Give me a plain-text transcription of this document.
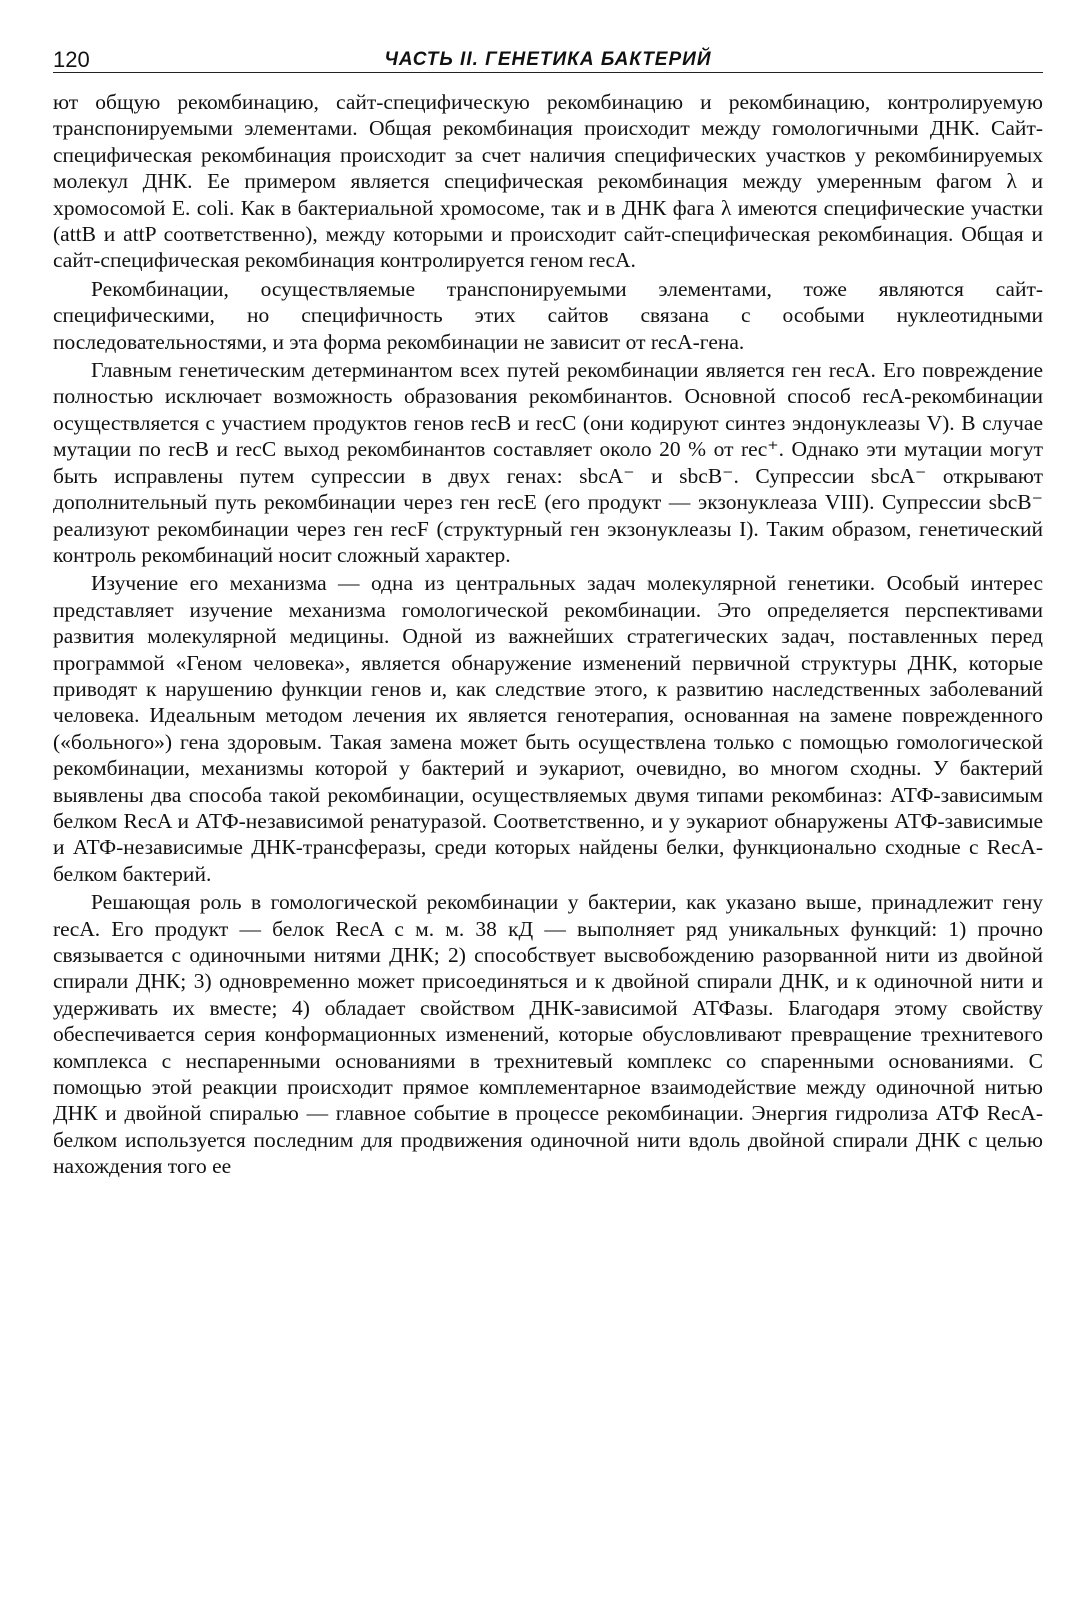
120	ЧАСТЬ II. ГЕНЕТИКА БАКТЕРИЙ

ют общую рекомбинацию, сайт-специфическую рекомбинацию и рекомбинацию, контролируемую транспонируемыми элементами. Общая рекомбинация происходит между гомологичными ДНК. Сайт-специфическая рекомбинация происходит за счет наличия специфических участков у рекомбинируемых молекул ДНК. Ее примером является специфическая рекомбинация между умеренным фагом λ и хромосомой E. coli. Как в бактериальной хромосоме, так и в ДНК фага λ имеются специфические участки (attB и attP соответственно), между которыми и происходит сайт-специфическая рекомбинация. Общая и сайт-специфическая рекомбинация контролируется геном recA.

Рекомбинации, осуществляемые транспонируемыми элементами, тоже являются сайт-специфическими, но специфичность этих сайтов связана с особыми нуклеотидными последовательностями, и эта форма рекомбинации не зависит от recA-гена.

Главным генетическим детерминантом всех путей рекомбинации является ген recA. Его повреждение полностью исключает возможность образования рекомбинантов. Основной способ recA-рекомбинации осуществляется с участием продуктов генов recB и recC (они кодируют синтез эндонуклеазы V). В случае мутации по recB и recC выход рекомбинантов составляет около 20 % от rec⁺. Однако эти мутации могут быть исправлены путем супрессии в двух генах: sbcA⁻ и sbcB⁻. Супрессии sbcA⁻ открывают дополнительный путь рекомбинации через ген recE (его продукт — экзонуклеаза VIII). Супрессии sbcB⁻ реализуют рекомбинации через ген recF (структурный ген экзонуклеазы I). Таким образом, генетический контроль рекомбинаций носит сложный характер.

Изучение его механизма — одна из центральных задач молекулярной генетики. Особый интерес представляет изучение механизма гомологической рекомбинации. Это определяется перспективами развития молекулярной медицины. Одной из важнейших стратегических задач, поставленных перед программой «Геном человека», является обнаружение изменений первичной структуры ДНК, которые приводят к нарушению функции генов и, как следствие этого, к развитию наследственных заболеваний человека. Идеальным методом лечения их является генотерапия, основанная на замене поврежденного («больного») гена здоровым. Такая замена может быть осуществлена только с помощью гомологической рекомбинации, механизмы которой у бактерий и эукариот, очевидно, во многом сходны. У бактерий выявлены два способа такой рекомбинации, осуществляемых двумя типами рекомбиназ: АТФ-зависимым белком RecA и АТФ-независимой ренатуразой. Соответственно, и у эукариот обнаружены АТФ-зависимые и АТФ-независимые ДНК-трансферазы, среди которых найдены белки, функционально сходные с RecA-белком бактерий.

Решающая роль в гомологической рекомбинации у бактерии, как указано выше, принадлежит гену recA. Его продукт — белок RecA с м. м. 38 кД — выполняет ряд уникальных функций: 1) прочно связывается с одиночными нитями ДНК; 2) способствует высвобождению разорванной нити из двойной спирали ДНК; 3) одновременно может присоединяться и к двойной спирали ДНК, и к одиночной нити и удерживать их вместе; 4) обладает свойством ДНК-зависимой АТФазы. Благодаря этому свойству обеспечивается серия конформационных изменений, которые обусловливают превращение трехнитевого комплекса с неспаренными основаниями в трехнитевый комплекс со спаренными основаниями. С помощью этой реакции происходит прямое комплементарное взаимодействие между одиночной нитью ДНК и двойной спиралью — главное событие в процессе рекомбинации. Энергия гидролиза АТФ RecA-белком используется последним для продвижения одиночной нити вдоль двойной спирали ДНК с целью нахождения того ее
